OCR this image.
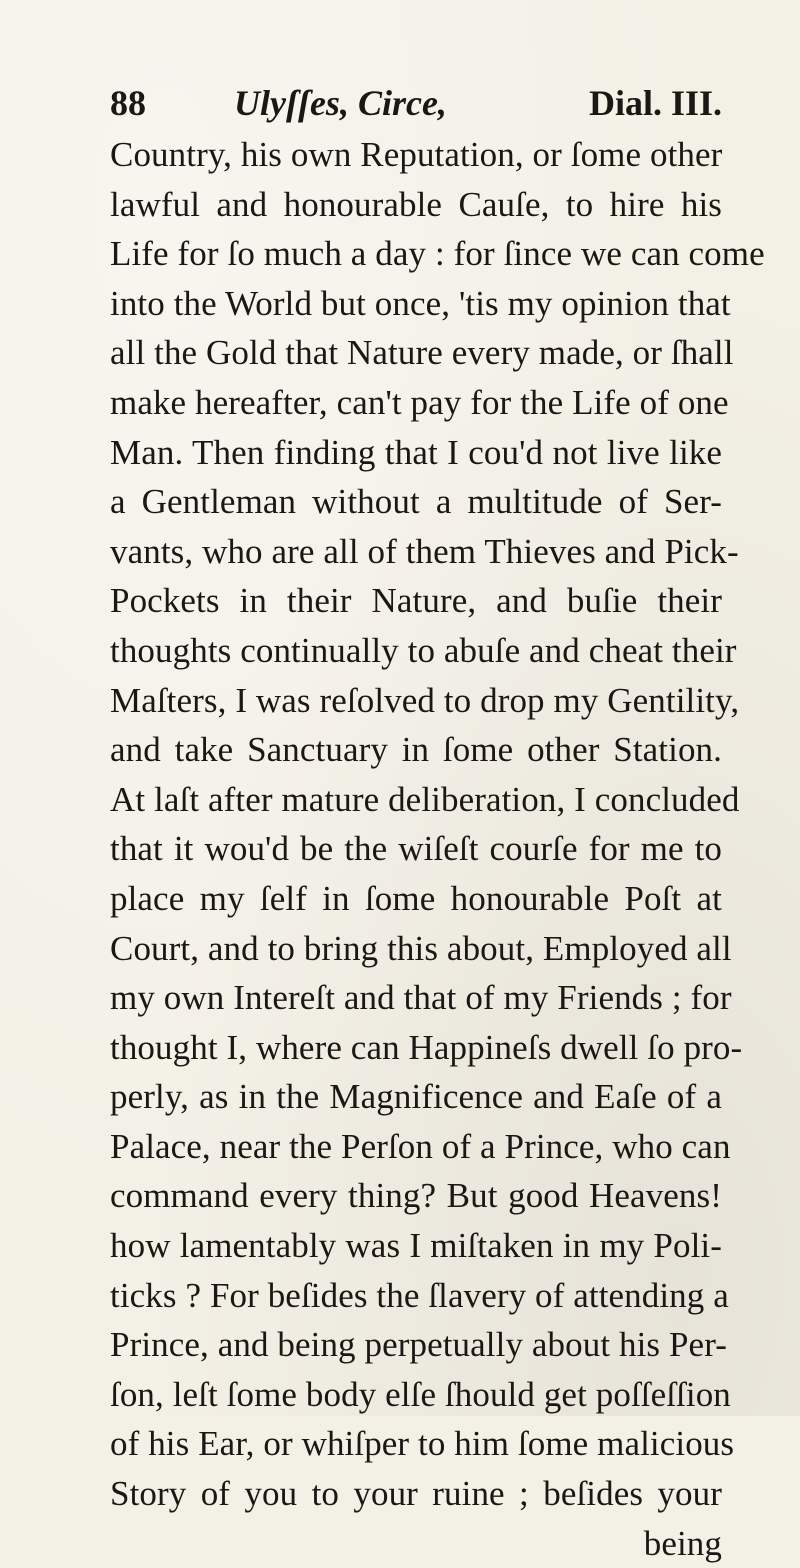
88 Ulyſſes, Circe,	Dial. III.
Country, his own Reputation, or ſome other
lawful and honourable Cauſe, to hire his
Life for ſo much a day : for ſince we can come
into the World but once, 'tis my opinion that
all the Gold that Nature every made, or ſhall
make hereafter, can't pay for the Life of one
Man. Then finding that I cou'd not live like
a Gentleman without a multitude of Ser-
vants, who are all of them Thieves and Pick-
Pockets in their Nature, and buſie their
thoughts continually to abuſe and cheat their
Maſters, I was reſolved to drop my Gentility,
and take Sanctuary in ſome other Station.
At laſt after mature deliberation, I concluded
that it wou'd be the wiſeſt courſe for me to
place my ſelf in ſome honourable Poſt at
Court, and to bring this about, Employed all
my own Intereſt and that of my Friends ; for
thought I, where can Happineſs dwell ſo pro-
perly, as in the Magnificence and Eaſe of a
Palace, near the Perſon of a Prince, who can
command every thing? But good Heavens!
how lamentably was I miſtaken in my Poli-
ticks ? For beſides the ſlavery of attending a
Prince, and being perpetually about his Per-
ſon, leſt ſome body elſe ſhould get poſſeſſion
of his Ear, or whiſper to him ſome malicious
Story of you to your ruine ; beſides your
being
